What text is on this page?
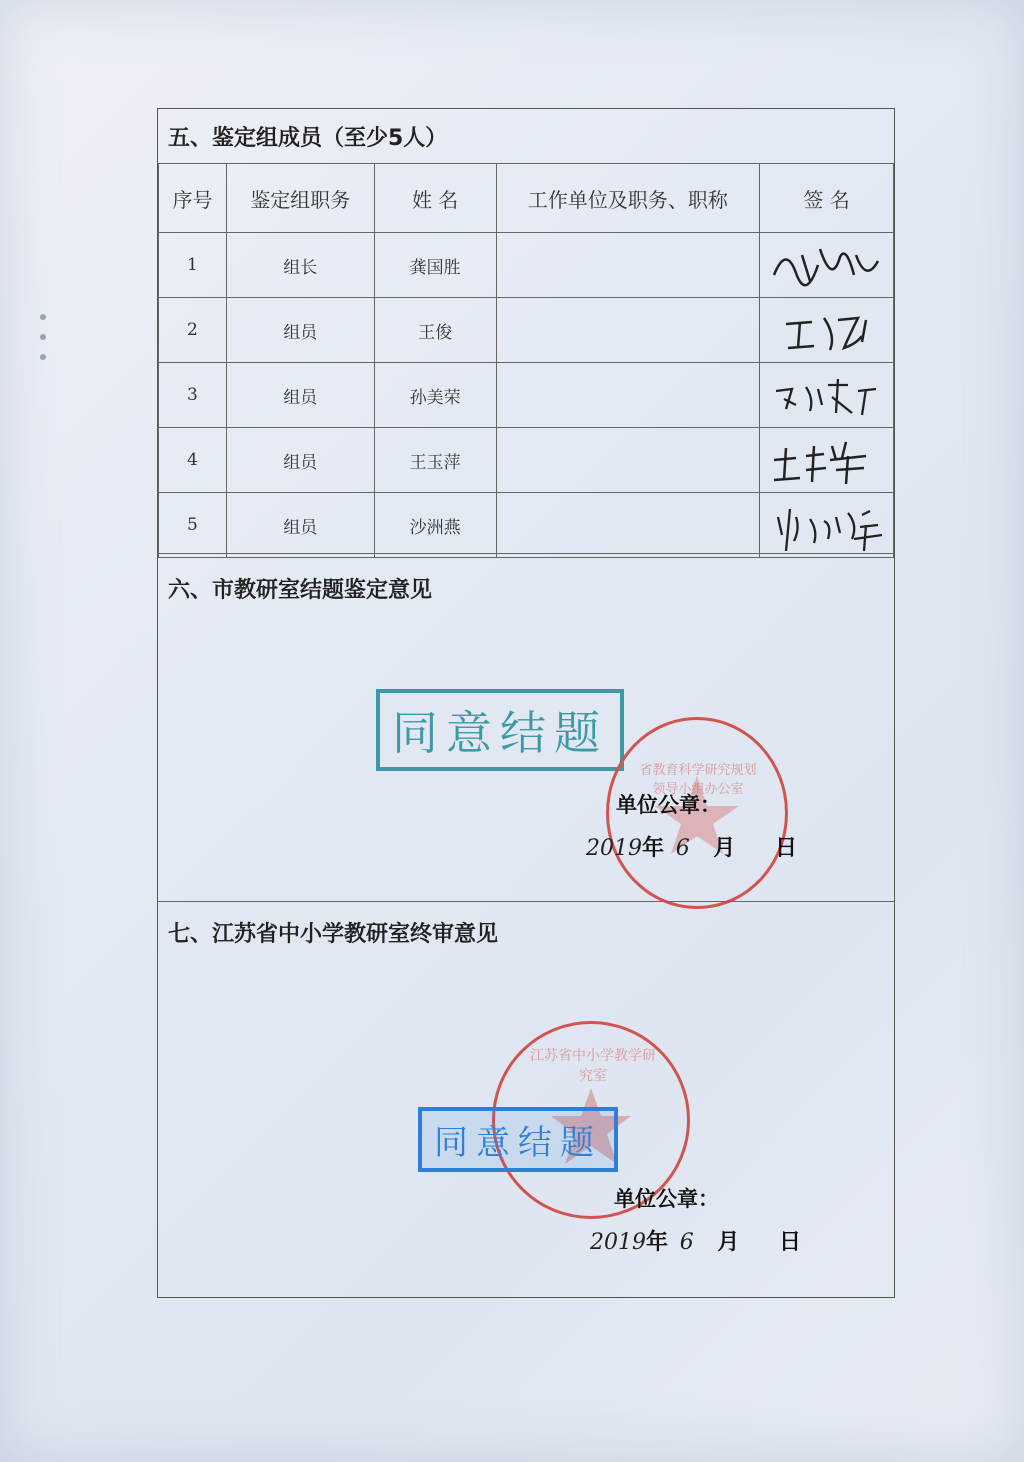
五、鉴定组成员（至少5人）
序号	鉴定组职务	姓 名	工作单位及职务、职称	签 名
1	组长	龚国胜		

2	组员	王俊		

3	组员	孙美荣		

4	组员	王玉萍		

5	组员	沙洲燕		
六、市教研室结题鉴定意见
同意结题
省教育科学研究规划领导小组办公室
单位公章：
2019年 6 月 日
七、江苏省中小学教研室终审意见
江苏省中小学教学研究室
同意结题
单位公章：
2019年 6 月 日
